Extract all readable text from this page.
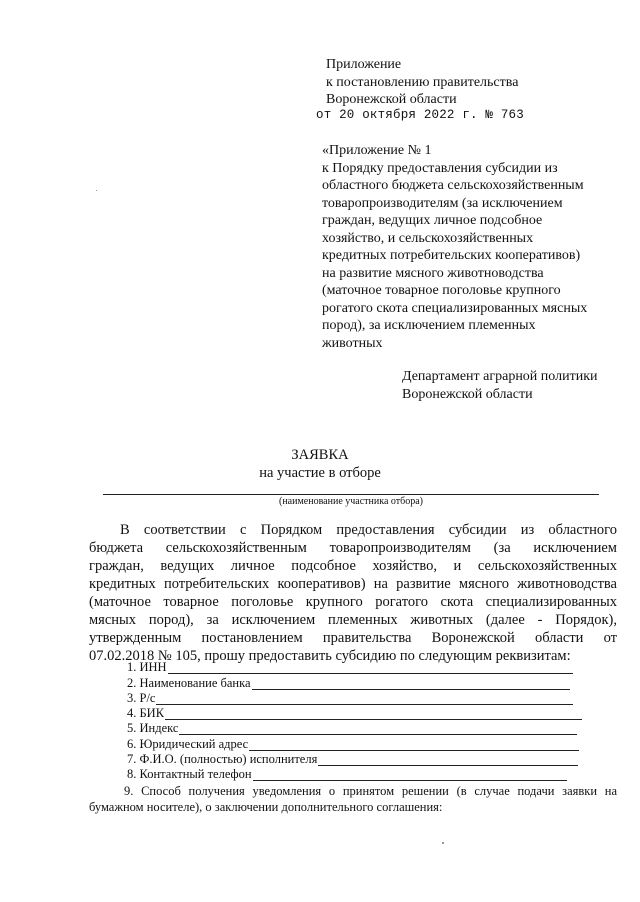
Приложение
к постановлению правительства
Воронежской области
от 20 октября 2022 г. № 763
«Приложение № 1
к Порядку предоставления субсидии из
областного бюджета сельскохозяйственным
товаропроизводителям (за исключением
граждан, ведущих личное подсобное
хозяйство, и сельскохозяйственных
кредитных потребительских кооперативов)
на развитие мясного животноводства
(маточное товарное поголовье крупного
рогатого скота специализированных мясных
пород), за исключением племенных
животных
Департамент аграрной политики
Воронежской области
ЗАЯВКА
на участие в отборе
(наименование участника отбора)
В соответствии с Порядком предоставления субсидии из областного
бюджета сельскохозяйственным товаропроизводителям (за исключением
граждан, ведущих личное подсобное хозяйство, и сельскохозяйственных
кредитных потребительских кооперативов) на развитие мясного животноводства
(маточное товарное поголовье крупного рогатого скота специализированных
мясных пород), за исключением племенных животных (далее - Порядок),
утвержденным постановлением правительства Воронежской области от
07.02.2018 № 105, прошу предоставить субсидию по следующим реквизитам:
1. ИНН
2. Наименование банка
3. Р/с
4. БИК
5. Индекс
6. Юридический адрес
7. Ф.И.О. (полностью) исполнителя
8. Контактный телефон
9. Способ получения уведомления о принятом решении (в случае подачи заявки на
бумажном носителе), о заключении дополнительного соглашения:
